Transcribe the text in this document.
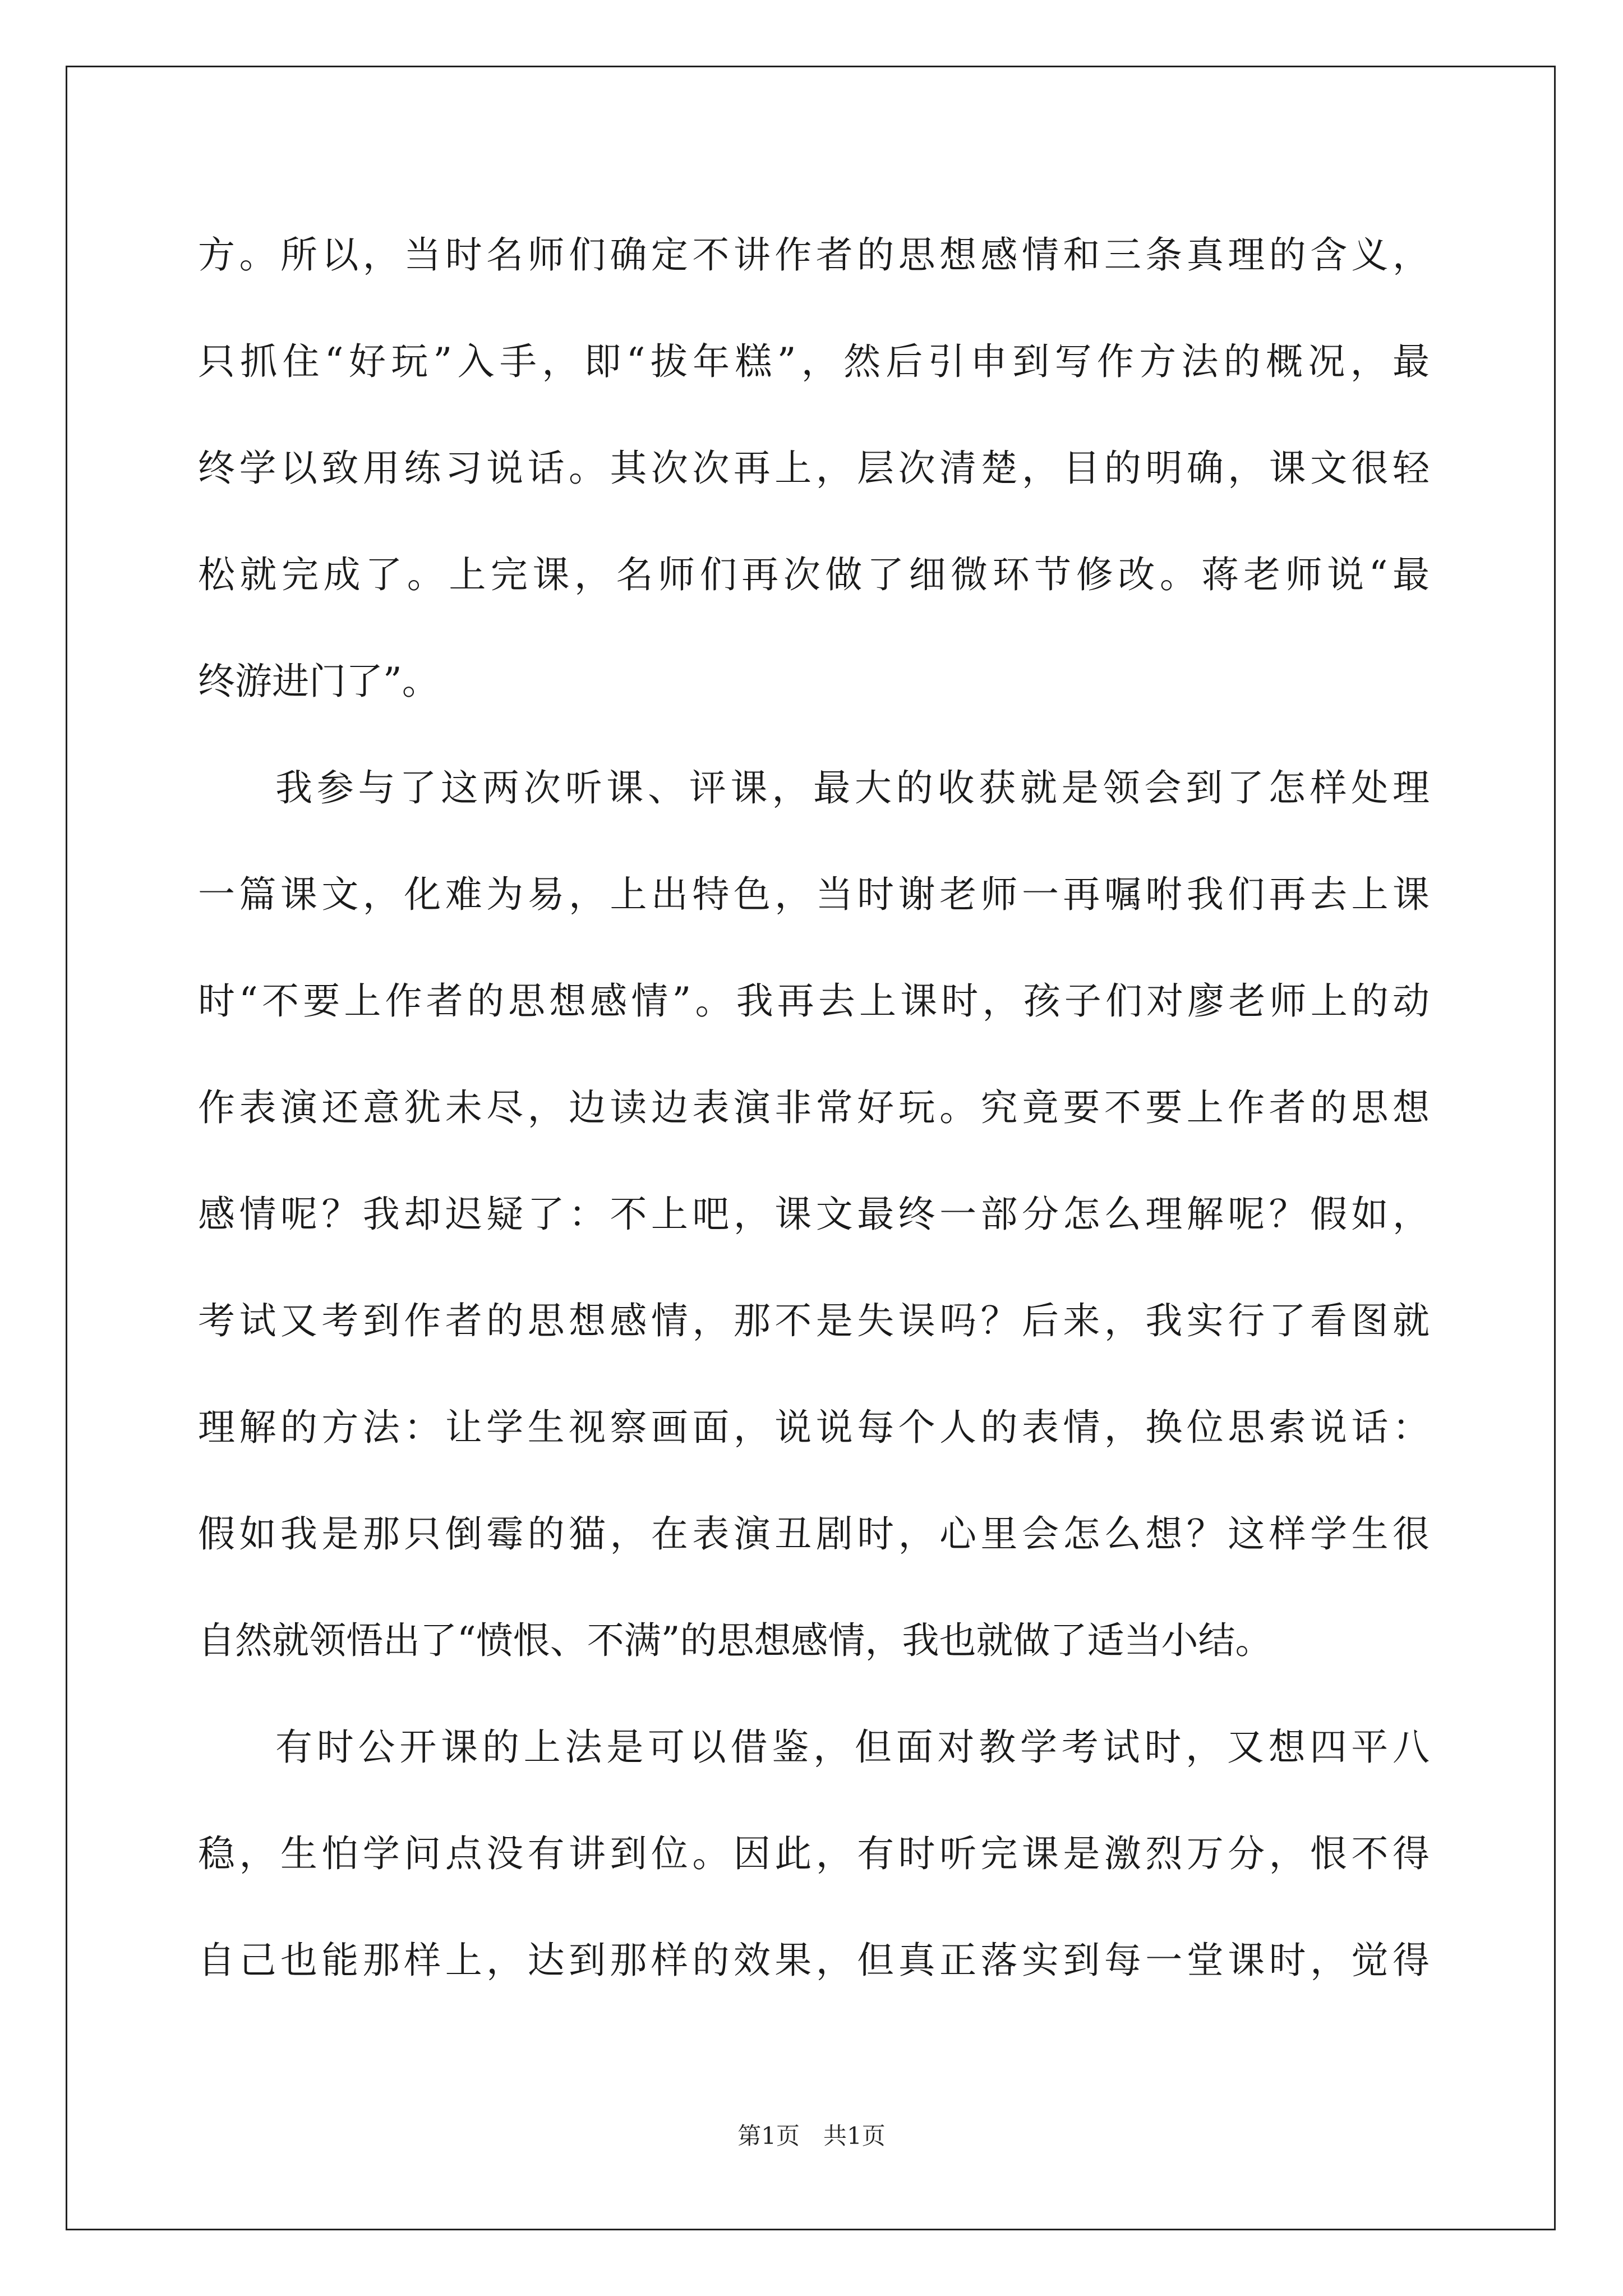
方。所以，当时名师们确定不讲作者的思想感情和三条真理的含义，
只抓住“好玩”入手，即“拔年糕”，然后引申到写作方法的概况，最
终学以致用练习说话。其次次再上，层次清楚，目的明确，课文很轻
松就完成了。上完课，名师们再次做了细微环节修改。蒋老师说“最
终游进门了”。
我参与了这两次听课、评课，最大的收获就是领会到了怎样处理
一篇课文，化难为易，上出特色，当时谢老师一再嘱咐我们再去上课
时“不要上作者的思想感情”。我再去上课时，孩子们对廖老师上的动
作表演还意犹未尽，边读边表演非常好玩。究竟要不要上作者的思想
感情呢？我却迟疑了：不上吧，课文最终一部分怎么理解呢？假如，
考试又考到作者的思想感情，那不是失误吗？后来，我实行了看图就
理解的方法：让学生视察画面，说说每个人的表情，换位思索说话：
假如我是那只倒霉的猫，在表演丑剧时，心里会怎么想？这样学生很
自然就领悟出了“愤恨、不满”的思想感情，我也就做了适当小结。
有时公开课的上法是可以借鉴，但面对教学考试时，又想四平八
稳，生怕学问点没有讲到位。因此，有时听完课是激烈万分，恨不得
自己也能那样上，达到那样的效果，但真正落实到每一堂课时，觉得
第1页　共1页
